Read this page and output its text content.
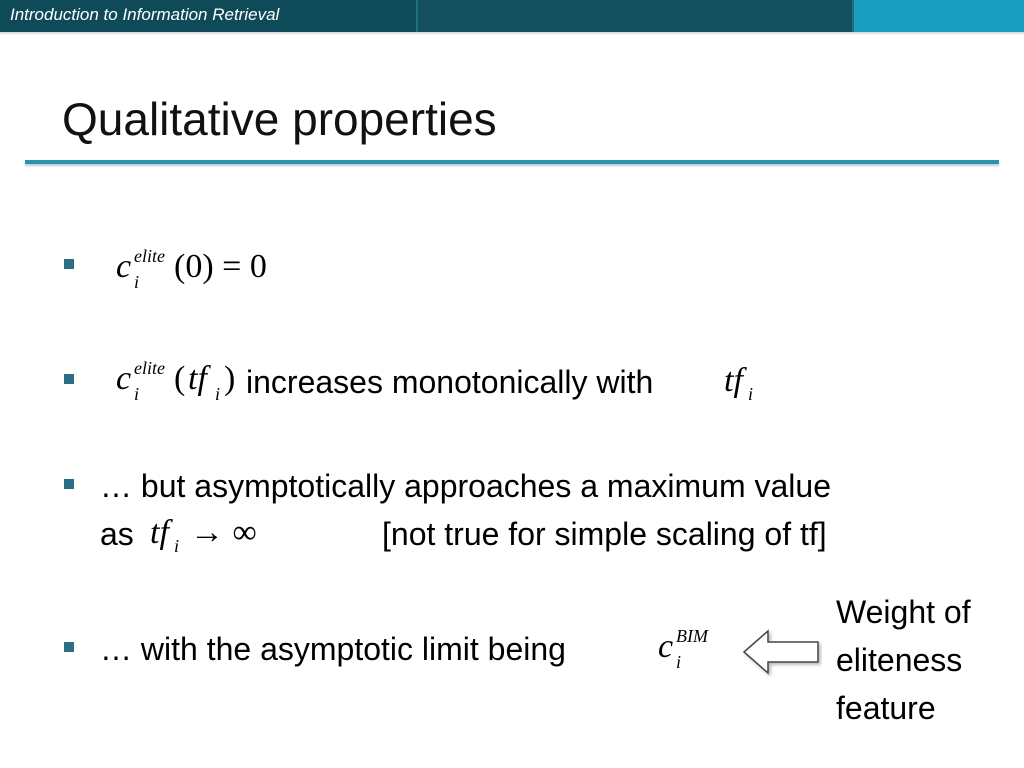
Introduction to Information Retrieval
Qualitative properties
c elite
i (0) = 0
c elite
i ( tf i ) increases monotonically with tf i
… but asymptotically approaches a maximum value
as tf i → ∞	[not true for simple scaling of tf]
… with the asymptotic limit being	c BIM
i
Weight of
eliteness
feature
